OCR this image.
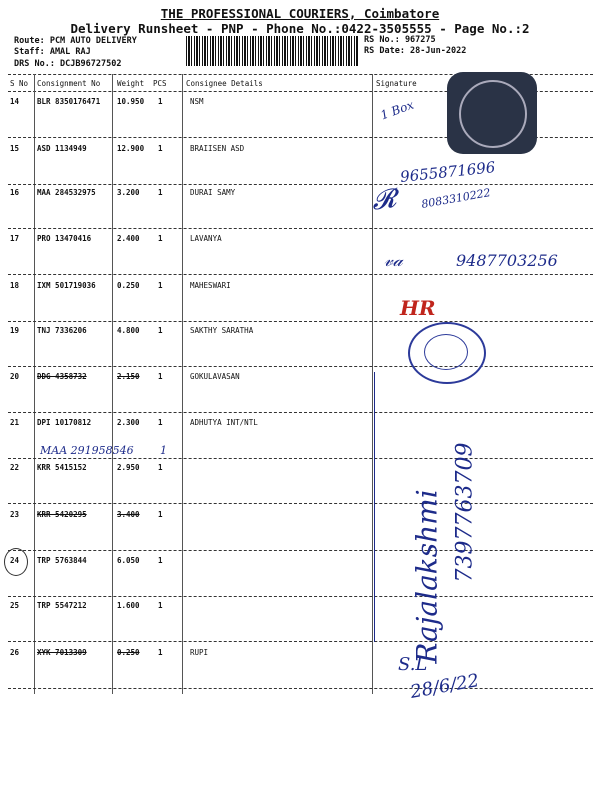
THE PROFESSIONAL COURIERS, Coimbatore
Delivery Runsheet - PNP - Phone No.:0422-3505555 - Page No.:2
Route: PCM AUTO DELIVERY
Staff: AMAL RAJ
DRS No.: DCJB96727502
RS No.: 967275
RS Date: 28-Jun-2022
S No Consignment No Weight PCS	Consignee Details	Signature
14 BLR 8350176471 10.950 1	NSM
15 ASD 1134949	12.900 1	BRAIISEN ASD
16 MAA 284532975	3.200 1	DURAI SAMY
17 PRO 13470416	2.400 1	LAVANYA
18 IXM 501719036	0.250 1	MAHESWARI
19 TNJ 7336206	4.800 1	SAKTHY SARATHA
20 DDG 4358732	2.150 1	GOKULAVASAN
21 DPI 10170812	2.300 1	ADHUTYA INT/NTL
22 KRR 5415152	2.950 1
23 KRR 5420295	3.400 1
24 TRP 5763844	6.050 1
25 TRP 5547212	1.600 1
26 XYK 7013309	0.250 1	RUPI
1 Box
9655871696
𝓡 8083310222
𝓋𝒶	9487703256
HR
MAA 291958546 1
Rajalakshmi 7397763709
S.L
28/6/22
